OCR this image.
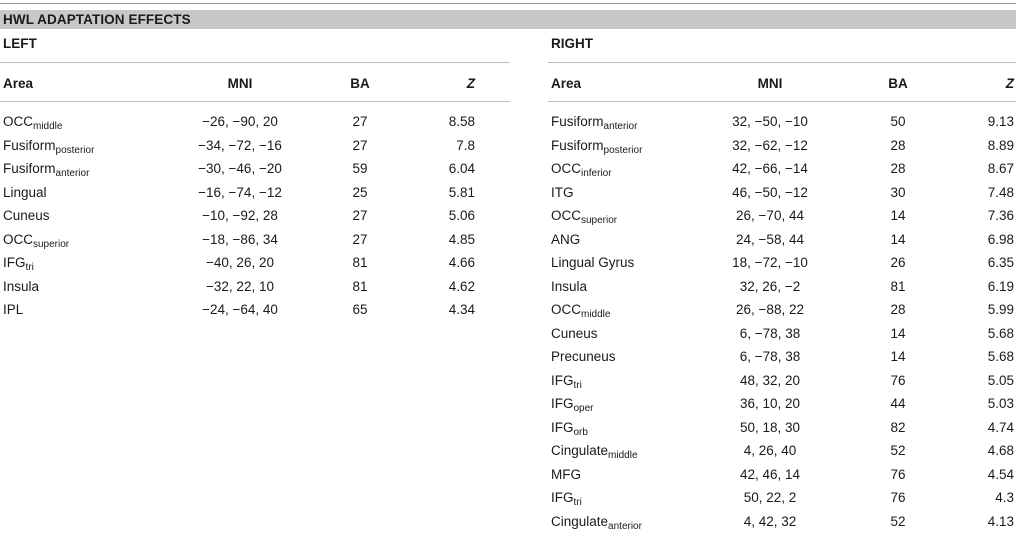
HWL ADAPTATION EFFECTS
LEFT
Area	MNI	BA	Z
RIGHT
Area	MNI	BA	Z
$OCC_{middle}$	−26, −90, 20	27	8.58
Fusiform$_{posterior}$	−34, −72, −16	27	7.8
Fusiform$_{anterior}$	−30, −46, −20	59	6.04
Lingual	−16, −74, −12	25	5.81
Cuneus	−10, −92, 28	27	5.06
$OCC_{superior}$	−18, −86, 34	27	4.85
$IFG_{tri}$	−40, 26, 20	81	4.66
Insula	−32, 22, 10	81	4.62
IPL	−24, −64, 40	65	4.34
Fusiform$_{anterior}$	32, −50, −10	50	9.13
Fusiform$_{posterior}$	32, −62, −12	28	8.89
$OCC_{inferior}$	42, −66, −14	28	8.67
ITG	46, −50, −12	30	7.48
$OCC_{superior}$	26, −70, 44	14	7.36
ANG	24, −58, 44	14	6.98
Lingual Gyrus	18, −72, −10	26	6.35
Insula	32, 26, −2	81	6.19
$OCC_{middle}$	26, −88, 22	28	5.99
Cuneus	6, −78, 38	14	5.68
Precuneus	6, −78, 38	14	5.68
$IFG_{tri}$	48, 32, 20	76	5.05
$IFG_{oper}$	36, 10, 20	44	5.03
$IFG_{orb}$	50, 18, 30	82	4.74
Cingulate$_{middle}$	4, 26, 40	52	4.68
MFG	42, 46, 14	76	4.54
$IFG_{tri}$	50, 22, 2	76	4.3
Cingulate$_{anterior}$	4, 42, 32	52	4.13
